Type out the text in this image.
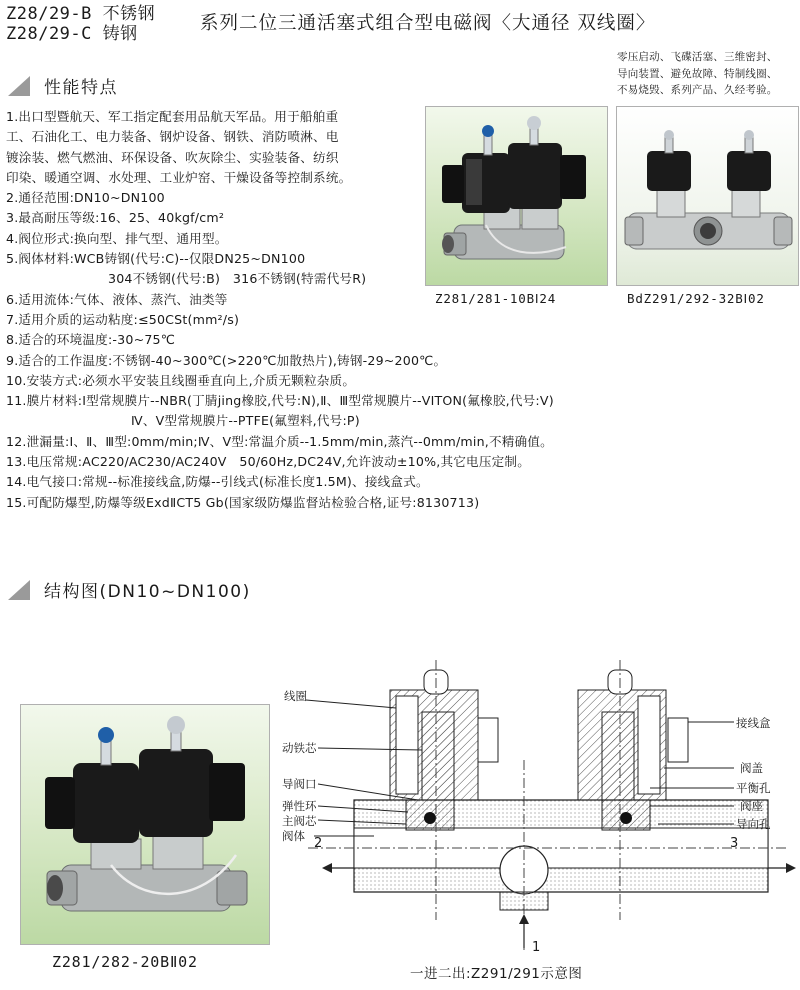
Z28/29-B 不锈钢
Z28/29-C 铸钢	系列二位三通活塞式组合型电磁阀〈大通径 双线圈〉
性能特点
零压启动、飞碟活塞、三维密封、
导向装置、避免故障、特制线圈、
不易烧毁、系列产品、久经考验。
Z281/281-10BⅠ24	BdZ291/292-32BⅠ02
1.出口型暨航天、军工指定配套用品航天军品。用于船舶重
工、石油化工、电力装备、钢炉设备、钢铁、消防喷淋、电
镀涂装、燃气燃油、环保设备、吹灰除尘、实验装备、纺织
印染、暖通空调、水处理、工业炉窑、干燥设备等控制系统。
2.通径范围:DN10~DN100
3.最高耐压等级:16、25、40kgf/cm²
4.阀位形式:换向型、排气型、通用型。
5.阀体材料:WCB铸钢(代号:C)--仅限DN25~DN100
304不锈钢(代号:B)　316不锈钢(特需代号R)
6.适用流体:气体、液体、蒸汽、油类等
7.适用介质的运动粘度:≤50CSt(mm²/s)
8.适合的环境温度:-30~75℃
9.适合的工作温度:不锈钢-40~300℃(>220℃加散热片),铸钢-29~200℃。
10.安装方式:必须水平安装且线圈垂直向上,介质无颗粒杂质。
11.膜片材料:Ⅰ型常规膜片--NBR(丁腈jing橡胶,代号:N),Ⅱ、Ⅲ型常规膜片--VITON(氟橡胶,代号:V)
Ⅳ、Ⅴ型常规膜片--PTFE(氟塑料,代号:P)
12.泄漏量:Ⅰ、Ⅱ、Ⅲ型:0mm/min;Ⅳ、Ⅴ型:常温介质--1.5mm/min,蒸汽--0mm/min,不精确值。
13.电压常规:AC220/AC230/AC240V　50/60Hz,DC24V,允许波动±10%,其它电压定制。
14.电气接口:常规--标准接线盒,防爆--引线式(标准长度1.5M)、接线盒式。
15.可配防爆型,防爆等级ExdⅡCT5 Gb(国家级防爆监督站检验合格,证号:8130713)
结构图(DN10~DN100)
Z281/282-20BⅡ02
线圈
动铁芯
导阀口
弹性环
主阀芯
阀体
接线盒
阀盖
平衡孔
阀座
导向孔
2	3
1
一进二出:Z291/291示意图
